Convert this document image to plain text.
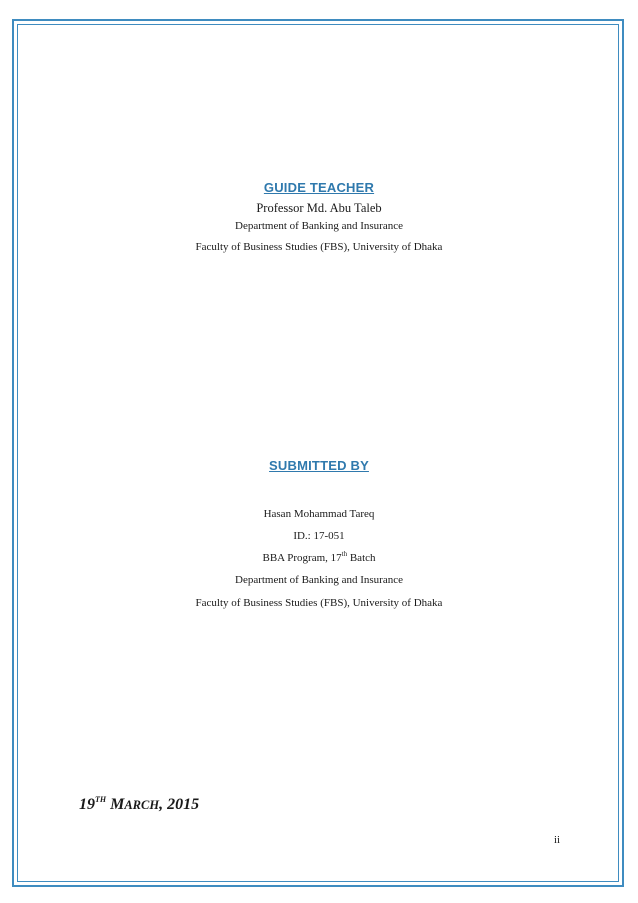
GUIDE TEACHER
Professor Md. Abu Taleb
Department of Banking and Insurance
Faculty of Business Studies (FBS), University of Dhaka
SUBMITTED BY
Hasan Mohammad Tareq
ID.: 17-051
BBA Program, 17th Batch
Department of Banking and Insurance
Faculty of Business Studies (FBS), University of Dhaka
19TH MARCH, 2015
ii
